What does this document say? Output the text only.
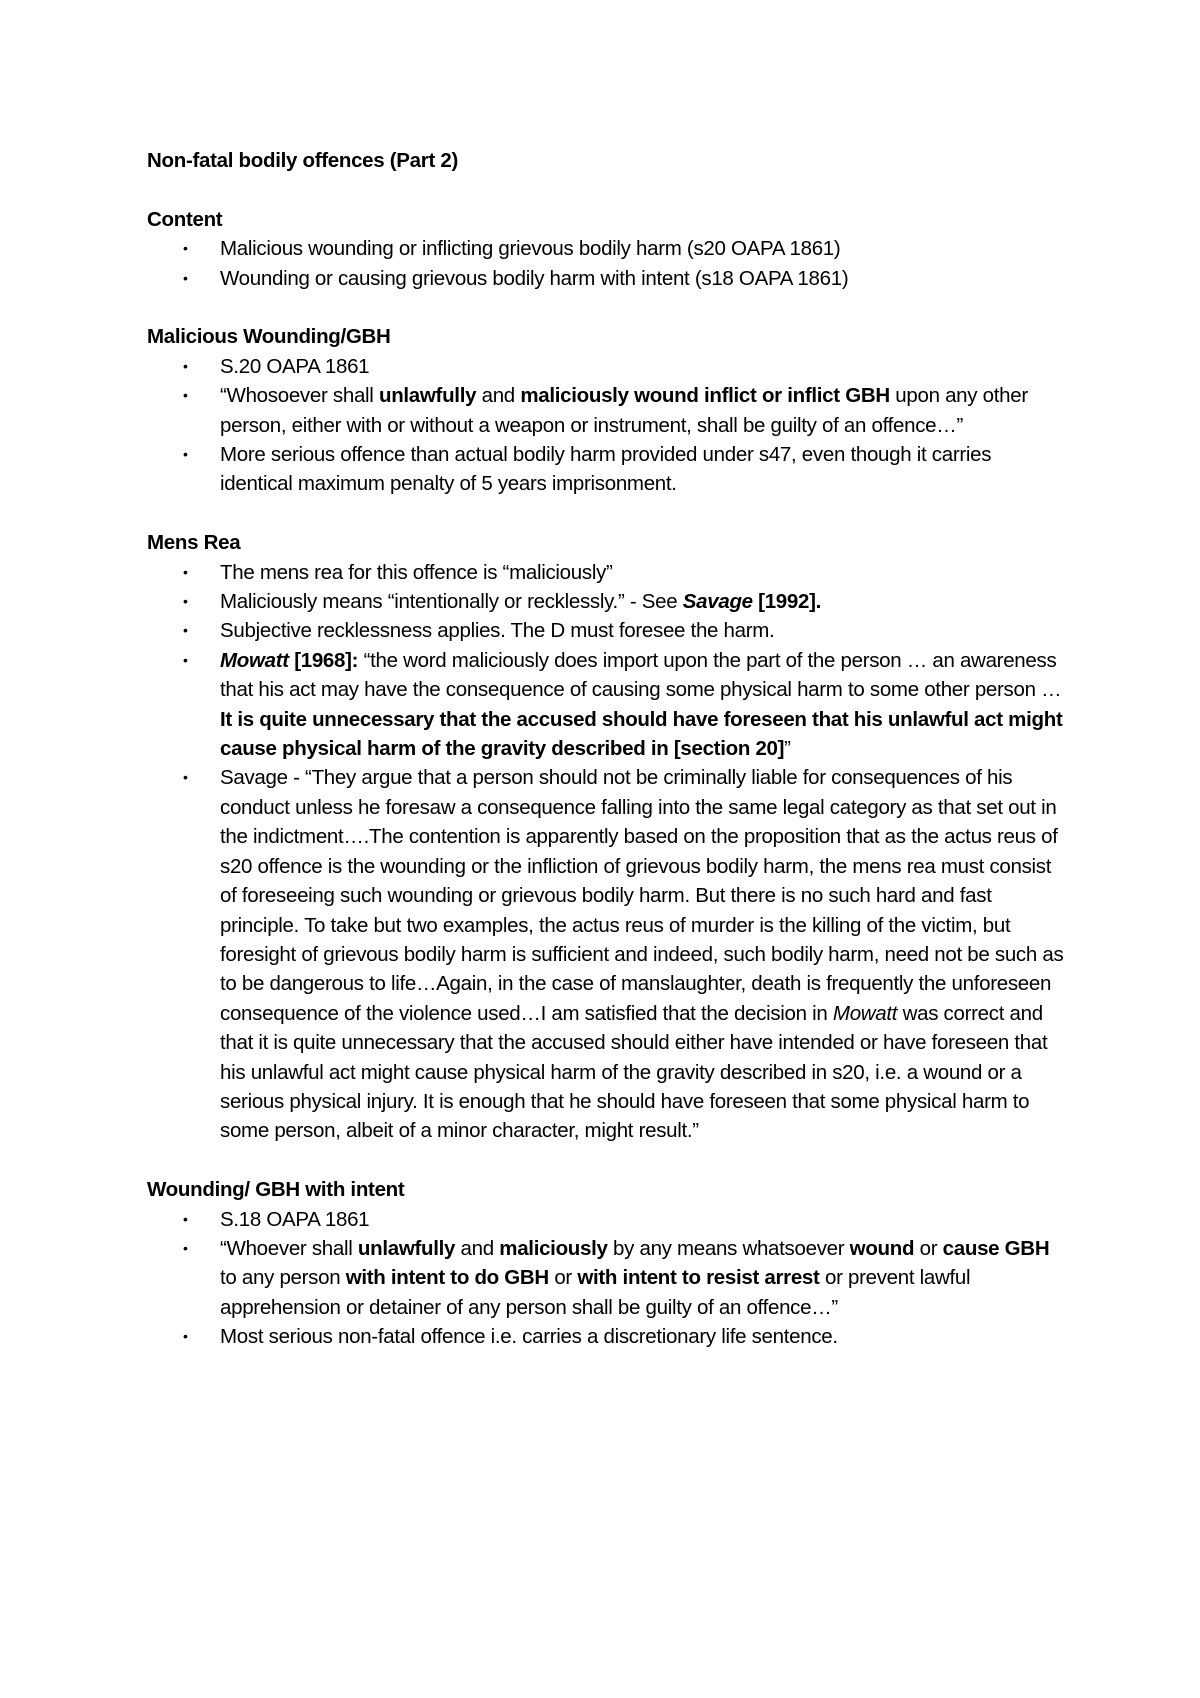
Non-fatal bodily offences (Part 2)

Content

• Malicious wounding or inflicting grievous bodily harm (s20 OAPA 1861)
• Wounding or causing grievous bodily harm with intent (s18 OAPA 1861)

Malicious Wounding/GBH

• S.20 OAPA 1861
• “Whosoever shall unlawfully and maliciously wound inflict or inflict GBH upon any other person, either with or without a weapon or instrument, shall be guilty of an offence…”
• More serious offence than actual bodily harm provided under s47, even though it carries identical maximum penalty of 5 years imprisonment.

Mens Rea

• The mens rea for this offence is “maliciously”
• Maliciously means “intentionally or recklessly.” - See Savage [1992].
• Subjective recklessness applies. The D must foresee the harm.
• Mowatt [1968]: “the word maliciously does import upon the part of the person … an awareness that his act may have the consequence of causing some physical harm to some other person … It is quite unnecessary that the accused should have foreseen that his unlawful act might cause physical harm of the gravity described in [section 20]”
• Savage - “They argue that a person should not be criminally liable for consequences of his conduct unless he foresaw a consequence falling into the same legal category as that set out in the indictment….The contention is apparently based on the proposition that as the actus reus of s20 offence is the wounding or the infliction of grievous bodily harm, the mens rea must consist of foreseeing such wounding or grievous bodily harm. But there is no such hard and fast principle. To take but two examples, the actus reus of murder is the killing of the victim, but foresight of grievous bodily harm is sufficient and indeed, such bodily harm, need not be such as to be dangerous to life…Again, in the case of manslaughter, death is frequently the unforeseen consequence of the violence used…I am satisfied that the decision in Mowatt was correct and that it is quite unnecessary that the accused should either have intended or have foreseen that his unlawful act might cause physical harm of the gravity described in s20, i.e. a wound or a serious physical injury. It is enough that he should have foreseen that some physical harm to some person, albeit of a minor character, might result.”

Wounding/ GBH with intent

• S.18 OAPA 1861
• “Whoever shall unlawfully and maliciously by any means whatsoever wound or cause GBH to any person with intent to do GBH or with intent to resist arrest or prevent lawful apprehension or detainer of any person shall be guilty of an offence…”
• Most serious non-fatal offence i.e. carries a discretionary life sentence.
